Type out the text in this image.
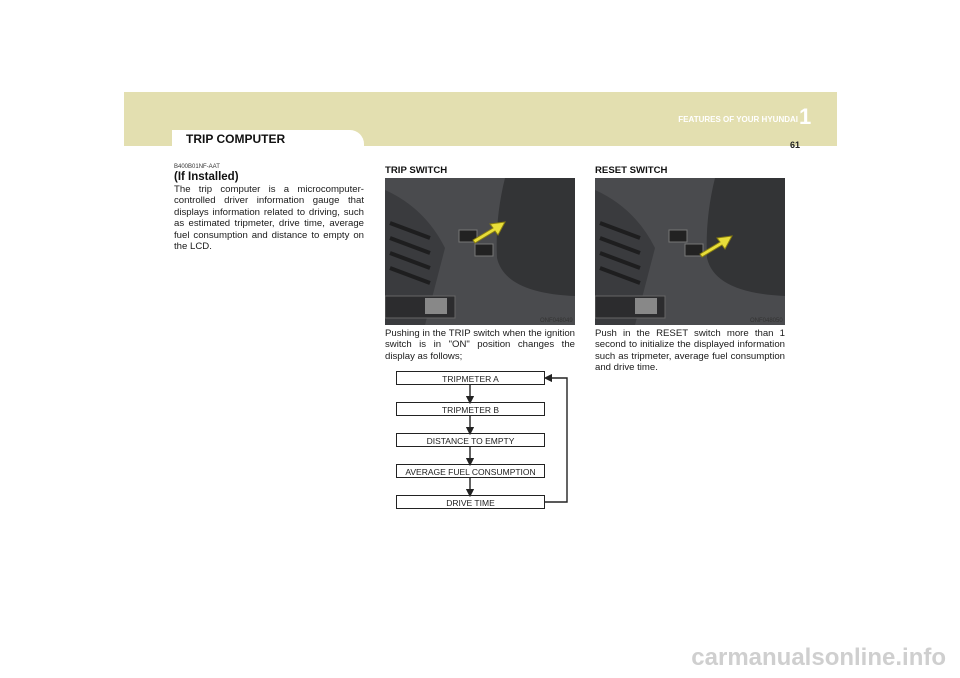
TRIP COMPUTER
FEATURES OF YOUR HYUNDAI 1
61
B400B01NF-AAT
(If Installed)
The trip computer is a microcomputer-controlled driver information gauge that displays information related to driving, such as estimated tripmeter, drive time, average fuel consumption and distance to empty on the LCD.
TRIP SWITCH
ONF048049
Pushing in the TRIP switch when the ignition switch is in "ON" position changes the display as follows;
TRIPMETER A
TRIPMETER B
DISTANCE TO EMPTY
AVERAGE FUEL CONSUMPTION
DRIVE TIME
RESET SWITCH
ONF048050
Push in the RESET switch more than 1 second to initialize the displayed information such as tripmeter, average fuel consumption and drive time.
carmanualsonline.info
